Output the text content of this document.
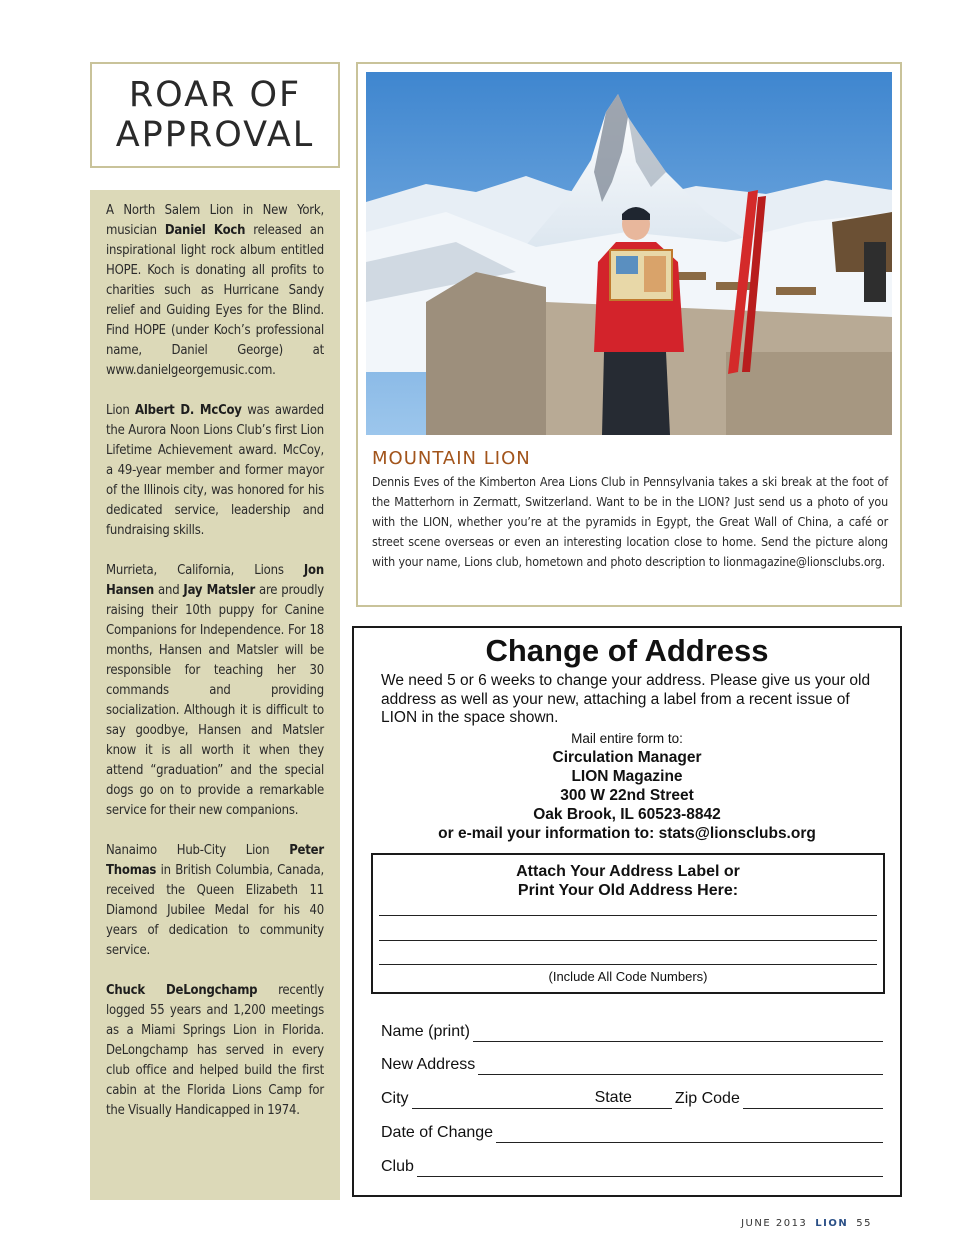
ROAR OF
APPROVAL

A North Salem Lion in New York, musician Daniel Koch released an inspirational light rock album entitled HOPE. Koch is donating all profits to charities such as Hurricane Sandy relief and Guiding Eyes for the Blind. Find HOPE (under Koch’s professional name, Daniel George) at www.danielgeorgemusic.com.

Lion Albert D. McCoy was awarded the Aurora Noon Lions Club’s first Lion Lifetime Achievement award. McCoy, a 49-year member and former mayor of the Illinois city, was honored for his dedicated service, leadership and fundraising skills.

Murrieta, California, Lions Jon Hansen and Jay Matsler are proudly raising their 10th puppy for Canine Companions for Independence. For 18 months, Hansen and Matsler will be responsible for teaching her 30 commands and providing socialization. Although it is difficult to say goodbye, Hansen and Matsler know it is all worth it when they attend “graduation” and the special dogs go on to provide a remarkable service for their new companions.

Nanaimo Hub-City Lion Peter Thomas in British Columbia, Canada, received the Queen Elizabeth 11 Diamond Jubilee Medal for his 40 years of dedication to community service.

Chuck DeLongchamp recently logged 55 years and 1,200 meetings as a Miami Springs Lion in Florida. DeLongchamp has served in every club office and helped build the first cabin at the Florida Lions Camp for the Visually Handicapped in 1974.

MOUNTAIN LION
Dennis Eves of the Kimberton Area Lions Club in Pennsylvania takes a ski break at the foot of the Matterhorn in Zermatt, Switzerland. Want to be in the LION? Just send us a photo of you with the LION, whether you’re at the pyramids in Egypt, the Great Wall of China, a café or street scene overseas or even an interesting location close to home. Send the picture along with your name, Lions club, hometown and photo description to lionmagazine@lionsclubs.org.
Change of Address
We need 5 or 6 weeks to change your address. Please give us your old address as well as your new, attaching a label from a recent issue of LION in the space shown.
Mail entire form to:
Circulation Manager
LION Magazine
300 W 22nd Street
Oak Brook, IL 60523-8842
or e-mail your information to: stats@lionsclubs.org
Attach Your Address Label or
Print Your Old Address Here:
(Include All Code Numbers)
Name (print)
New Address
City	State	Zip Code
Date of Change
Club
JUNE 2013 LION 55
